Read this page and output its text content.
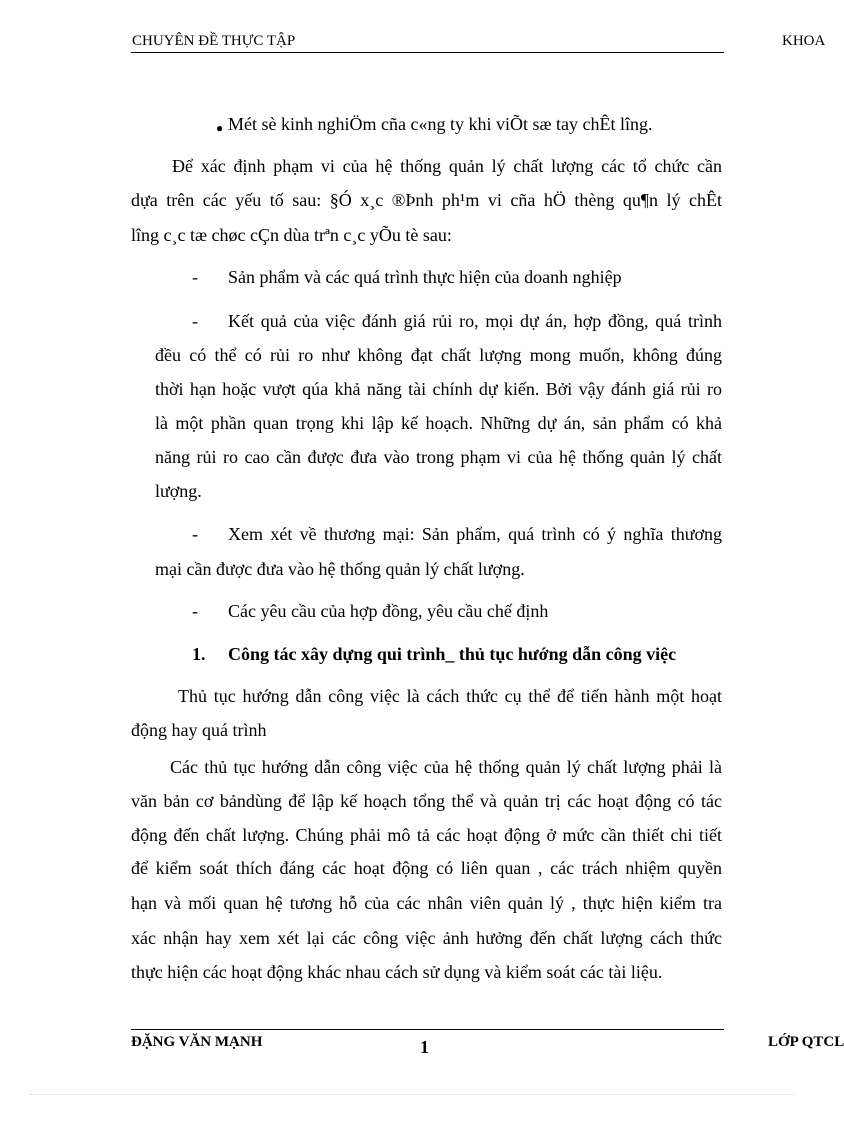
CHUYÊN ĐỀ THỰC TẬP	KHOA
● Mét sè kinh nghiÖm cña c«ng ty khi viÕt sæ tay chÊt lîng.
Để xác định phạm vi của hệ thống quản lý chất lượng các tổ chức cần
dựa trên các yếu tố sau: §Ó x¸c ®Þnh ph¹m vi cña hÖ thèng qu¶n lý chÊt
lîng c¸c tæ chøc cÇn dùa trªn c¸c yÕu tè sau:
- Sản phẩm và các quá trình thực hiện của doanh nghiệp
- Kết quả của việc đánh giá rủi ro, mọi dự án, hợp đồng, quá trình
đều có thể có rủi ro như không đạt chất lượng mong muốn, không đúng
thời hạn hoặc vượt qúa khả năng tài chính dự kiến. Bởi vậy đánh giá rủi ro
là một phần quan trọng khi lập kế hoạch. Những dự án, sản phẩm có khả
năng rủi ro cao cần được đưa vào trong phạm vi của hệ thống quản lý chất
lượng.
- Xem xét về thương mại: Sản phẩm, quá trình có ý nghĩa thương
mại cần được đưa vào hệ thống quản lý chất lượng.
- Các yêu cầu của hợp đồng, yêu cầu chế định
1. Công tác xây dựng qui trình_ thủ tục hướng dẫn công việc
Thủ tục hướng dẫn công việc là cách thức cụ thể để tiến hành một hoạt
động hay quá trình
Các thủ tục hướng dẫn công việc của hệ thống quản lý chất lượng phải là
văn bản cơ bảndùng để lập kế hoạch tổng thể và quản trị các hoạt động có tác
động đến chất lượng. Chúng phải mô tả các hoạt động ở mức cần thiết chi tiết
để kiểm soát thích đáng các hoạt động có liên quan , các trách nhiệm quyền
hạn và mối quan hệ tương hỗ của các nhân viên quản lý , thực hiện kiểm tra
xác nhận hay xem xét lại các công việc ảnh hưởng đến chất lượng cách thức
thực hiện các hoạt động khác nhau cách sử dụng và kiểm soát các tài liệu.
ĐẶNG VĂN MẠNH	1	LỚP QTCL
